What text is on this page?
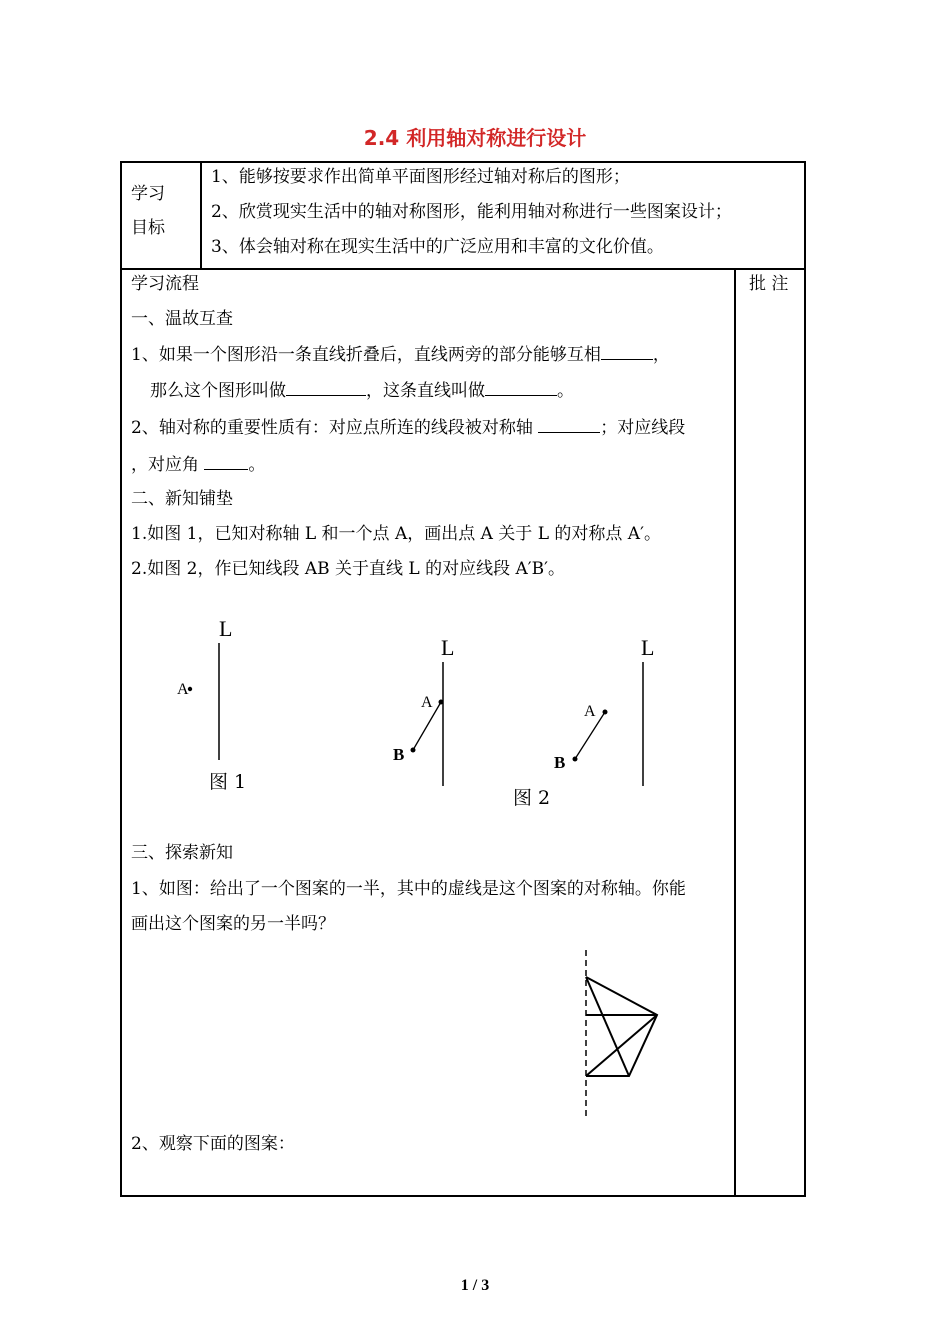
2.4 利用轴对称进行设计
学习
目标
1、能够按要求作出简单平面图形经过轴对称后的图形；
2、欣赏现实生活中的轴对称图形，能利用轴对称进行一些图案设计；
3、体会轴对称在现实生活中的广泛应用和丰富的文化价值。
学习流程	批 注
一、温故互查
1、如果一个图形沿一条直线折叠后，直线两旁的部分能够互相	，
那么这个图形叫做	，这条直线叫做	。
2、轴对称的重要性质有：对应点所连的线段被对称轴	；对应线段
，对应角	。
二、新知铺垫
1.如图 1，已知对称轴 L 和一个点 A，画出点 A 关于 L 的对称点 A′。
2.如图 2，作已知线段 AB 关于直线 L 的对应线段 A′B′。
L
A
图 1
L
A
B
L
A
B
图 2
三、探索新知
1、如图：给出了一个图案的一半，其中的虚线是这个图案的对称轴。你能
画出这个图案的另一半吗？
2、观察下面的图案：
1 / 3
